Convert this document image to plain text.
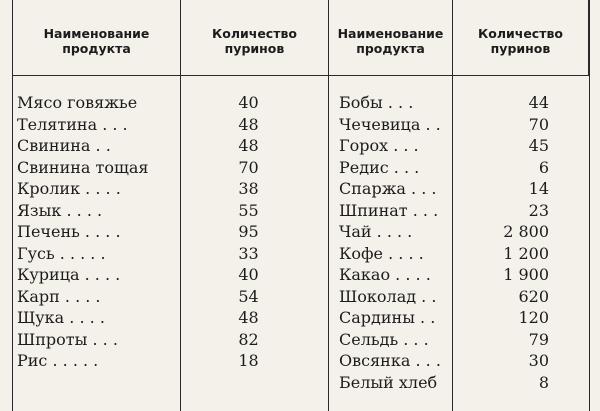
Наименование
продукта
Количество
пуринов
Наименование
продукта
Количество
пуринов
Мясо говяжье
Телятина . . .
Свинина . .
Свинина тощая
Кролик . . . .
Язык . . . .
Печень . . . .
Гусь . . . . .
Курица . . . .
Карп . . . .
Щука . . . .
Шпроты . . .
Рис . . . . .
40
48
48
70
38
55
95
33
40
54
48
82
18
Бобы . . .
Чечевица . .
Горох . . .
Редис . . .
Спаржа . . .
Шпинат . . .
Чай . . . .
Кофе . . . .
Какао . . . .
Шоколад . .
Сардины . .
Сельдь . . .
Овсянка . . .
Белый хлеб
44
70
45
6
14
23
2 800
1 200
1 900
620
120
79
30
8
